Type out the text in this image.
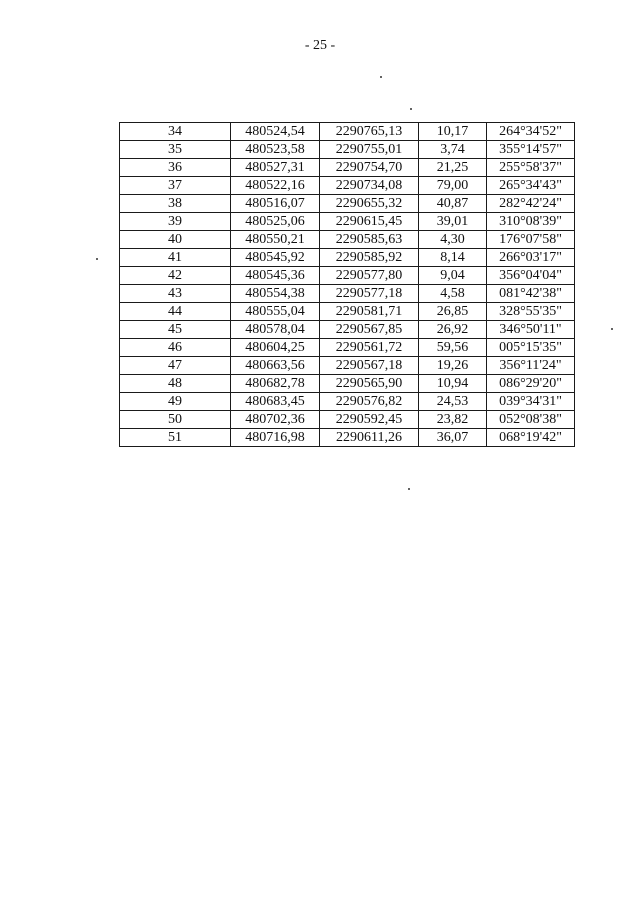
- 25 -
34	480524,54	2290765,13	10,17	264°34'52"
35	480523,58	2290755,01	3,74	355°14'57"
36	480527,31	2290754,70	21,25	255°58'37"
37	480522,16	2290734,08	79,00	265°34'43"
38	480516,07	2290655,32	40,87	282°42'24"
39	480525,06	2290615,45	39,01	310°08'39"
40	480550,21	2290585,63	4,30	176°07'58"
41	480545,92	2290585,92	8,14	266°03'17"
42	480545,36	2290577,80	9,04	356°04'04"
43	480554,38	2290577,18	4,58	081°42'38"
44	480555,04	2290581,71	26,85	328°55'35"
45	480578,04	2290567,85	26,92	346°50'11"
46	480604,25	2290561,72	59,56	005°15'35"
47	480663,56	2290567,18	19,26	356°11'24"
48	480682,78	2290565,90	10,94	086°29'20"
49	480683,45	2290576,82	24,53	039°34'31"
50	480702,36	2290592,45	23,82	052°08'38"
51	480716,98	2290611,26	36,07	068°19'42"
